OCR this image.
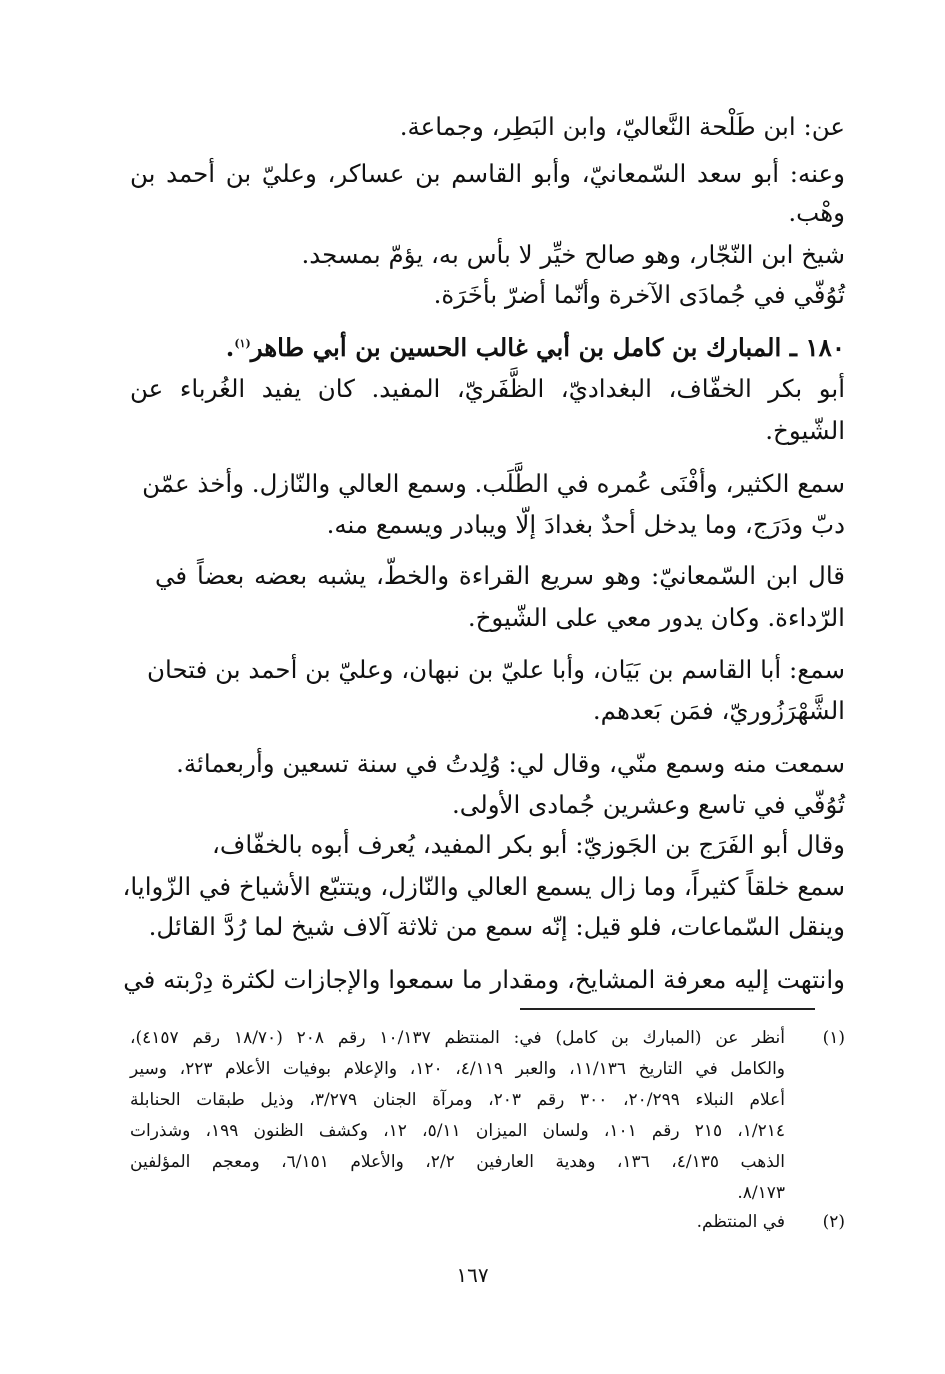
عن: ابن طَلْحة النَّعاليّ، وابن البَطِر، وجماعة.
وعنه: أبو سعد السّمعانيّ، وأبو القاسم بن عساكر، وعليّ بن أحمد بن
وهْب.
شيخ ابن النّجّار، وهو صالح خيِّر لا بأس به، يؤمّ بمسجد.
تُوُفّي في جُمادَى الآخرة وأنّما أضرّ بأخَرَة.
١٨٠ ـ المبارك بن كامل بن أبي غالب الحسين بن أبي طاهر$^{(١)}$.
أبو بكر الخفّاف، البغداديّ، الظَّفَريّ، المفيد. كان يفيد الغُرباء عن
الشّيوخ.
سمع الكثير، وأفْنَى عُمره في الطَّلَب. وسمع العالي والنّازل. وأخذ عمّن
دبّ ودَرَج، وما يدخل أحدٌ بغدادَ إلّا ويبادر ويسمع منه.
قال ابن السّمعانيّ: وهو سريع القراءة والخطّ، يشبه بعضه بعضاً في
الرّداءة. وكان يدور معي على الشّيوخ.
سمع: أبا القاسم بن بَيَان، وأبا عليّ بن نبهان، وعليّ بن أحمد بن فتحان
الشَّهْرَزُوريّ، فمَن بَعدهم.
سمعت منه وسمع منّي، وقال لي: وُلِدتُ في سنة تسعين وأربعمائة.
تُوُفّي في تاسع وعشرين جُمادى الأولى.
وقال أبو الفَرَج بن الجَوزيّ: أبو بكر المفيد، يُعرف أبوه بالخفّاف،
سمع خلقاً كثيراً، وما زال يسمع العالي والنّازل، ويتتبّع الأشياخ في الزّوايا،
وينقل السّماعات، فلو قيل: إنّه سمع من ثلاثة آلاف شيخ لما رُدَّ القائل.
وانتهت إليه معرفة المشايخ، ومقدار ما سمعوا والإجازات لكثرة دِرْبته في
(١)
أنظر عن (المبارك بن كامل) في: المنتظم ١٠/١٣٧ رقم ٢٠٨ (١٨/٧٠ رقم ٤١٥٧)،
والكامل في التاريخ ١١/١٣٦، والعبر ٤/١١٩، ١٢٠، والإعلام بوفيات الأعلام ٢٢٣، وسير
أعلام النبلاء ٢٠/٢٩٩، ٣٠٠ رقم ٢٠٣، ومرآة الجنان ٣/٢٧٩، وذيل طبقات الحنابلة
١/٢١٤، ٢١٥ رقم ١٠١، ولسان الميزان ٥/١١، ١٢، وكشف الظنون ١٩٩، وشذرات
الذهب ٤/١٣٥، ١٣٦، وهدية العارفين ٢/٢، والأعلام ٦/١٥١، ومعجم المؤلفين
٨/١٧٣.
(٢)
في المنتظم.
١٦٧
